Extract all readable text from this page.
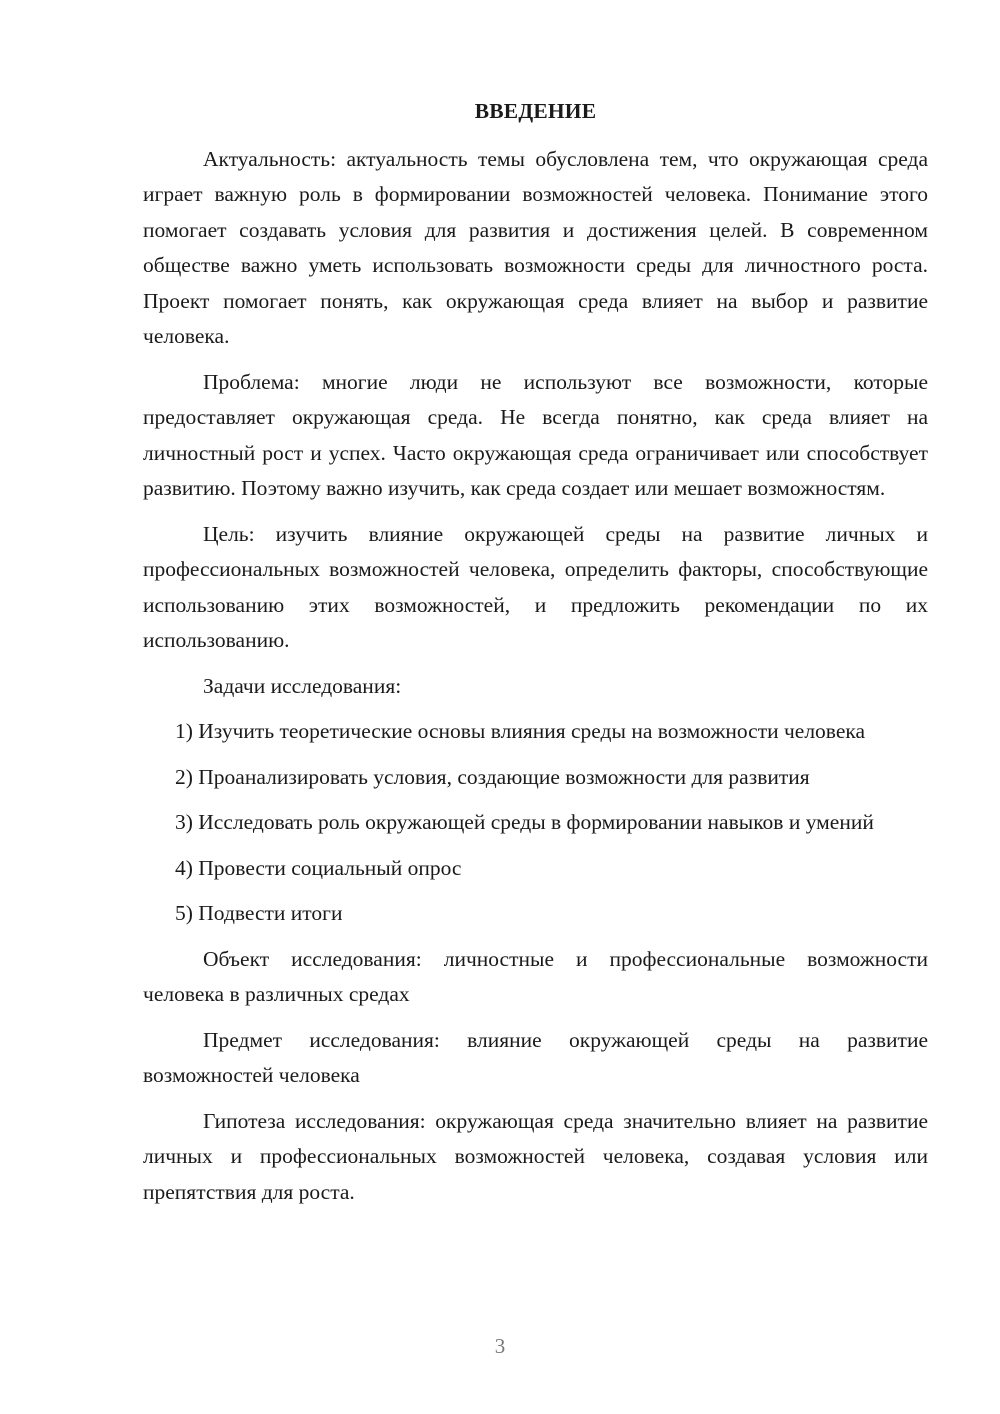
ВВЕДЕНИЕ

Актуальность: актуальность темы обусловлена тем, что окружающая среда играет важную роль в формировании возможностей человека. Понимание этого помогает создавать условия для развития и достижения целей. В современном обществе важно уметь использовать возможности среды для личностного роста. Проект помогает понять, как окружающая среда влияет на выбор и развитие человека.

Проблема: многие люди не используют все возможности, которые предоставляет окружающая среда. Не всегда понятно, как среда влияет на личностный рост и успех. Часто окружающая среда ограничивает или способствует развитию. Поэтому важно изучить, как среда создает или мешает возможностям.

Цель: изучить влияние окружающей среды на развитие личных и профессиональных возможностей человека, определить факторы, способствующие использованию этих возможностей, и предложить рекомендации по их использованию.

Задачи исследования:

1) Изучить теоретические основы влияния среды на возможности человека

2) Проанализировать условия, создающие возможности для развития

3) Исследовать роль окружающей среды в формировании навыков и умений

4) Провести социальный опрос

5) Подвести итоги

Объект исследования: личностные и профессиональные возможности человека в различных средах

Предмет исследования: влияние окружающей среды на развитие возможностей человека

Гипотеза исследования: окружающая среда значительно влияет на развитие личных и профессиональных возможностей человека, создавая условия или препятствия для роста.

3
